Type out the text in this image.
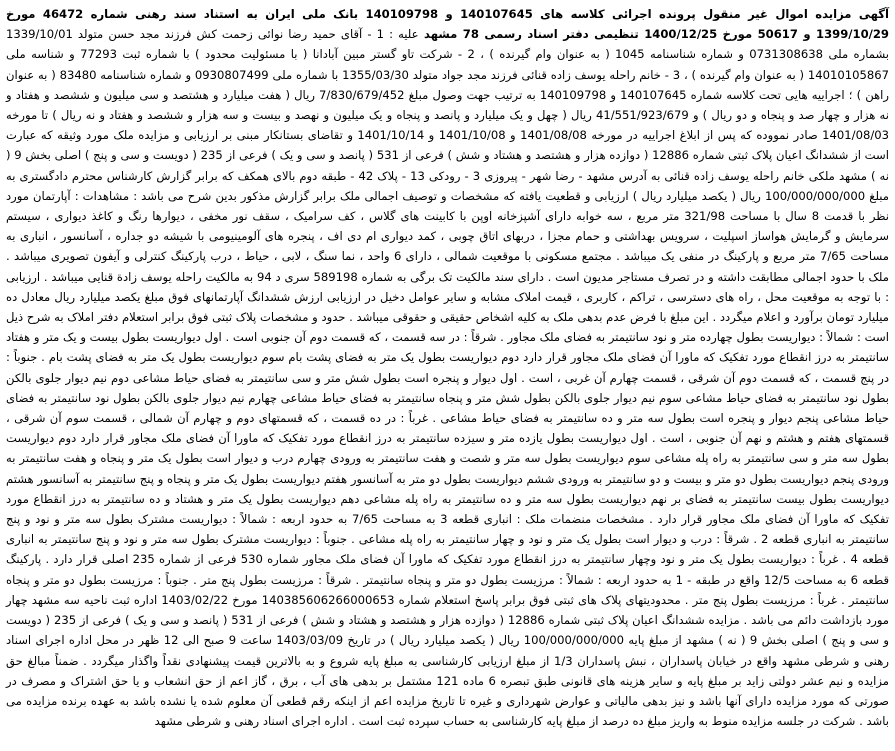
آگهی مزایده اموال غیر منقول پرونده اجرائی کلاسه های 140107645 و 140109798 بانک ملی ایران به استناد سند رهنی شماره 46472 مورخ 1399/10/29 و 50617 مورخ 1400/12/25 تنظیمی دفتر اسناد رسمی 78 مشهد علیه : 1 - آقای حمید رضا نوائی زحمت کش فرزند مجد حسن متولد 1339/10/01 بشماره ملی 0731308638 و شماره شناسنامه 1045 ( به عنوان وام گیرنده ) ، 2 - شرکت تاو گستر مبین آبادانا ( با مسئولیت محدود ) با شماره ثبت 77293 و شناسه ملی 14010105867 ( به عنوان وام گیرنده ) ، 3 - خانم راحله یوسف زاده قنائی فرزند مجد جواد متولد 1355/03/30 با شماره ملی 0930807499 و شماره شناسنامه 83480 ( به عنوان راهن ) ؛ اجراییه هایی تحت کلاسه شماره 140107645 و 140109798 به ترتیب جهت وصول مبلغ 7/830/679/452 ریال ( هفت میلیارد و هشتصد و سی میلیون و ششصد و هفتاد و نه هزار و چهار صد و پنجاه و دو ریال ) و 41/551/923/679 ریال ( چهل و یک میلیارد و پانصد و پنجاه و یک میلیون و نهصد و بیست و سه هزار و ششصد و هفتاد و نه ریال ) تا مورخه 1401/08/03 صادر نمووده که پس از ابلاغ اجراییه در مورخه 1401/08/08 و 1401/10/08 و 1401/10/14 و تقاضای بستانکار مبنی بر ارزیابی و مزایده ملک مورد وثیقه که عبارت است از ششدانگ اعیان پلاک ثبتی شماره 12886 ( دوازده هزار و هشتصد و هشتاد و شش ) فرعی از 531 ( پانصد و سی و یک ) فرعی از 235 ( دویست و سی و پنج ) اصلی بخش 9 ( نه ) مشهد ملکی خانم راحله یوسف زاده قنائی به آدرس مشهد - رضا شهر - پیروزی 3 - رودکی 13 - پلاک 42 - طبقه دوم بالای همکف که برابر گزارش کارشناس محترم دادگستری به مبلغ 100/000/000/000 ریال ( یکصد میلیارد ریال ) ارزیابی و قطعیت یافته که مشخصات و توصیف اجمالی ملک برابر گزارش مذکور بدین شرح می باشد : مشاهدات : آپارتمان مورد نظر با قدمت 8 سال با مساحت 321/98 متر مربع ، سه خوابه دارای آشپزخانه اوپن با کابینت های گلاس ، کف سرامیک ، سقف نور مخفی ، دیوارها رنگ و کاغذ دیواری ، سیستم سرمایش و گرمایش هواساز اسپلیت ، سرویس بهداشتی و حمام مجزا ، دربهای اتاق چوبی ، کمد دیواری ام دی اف ، پنجره های آلومینیومی با شیشه دو جداره ، آسانسور ، انباری به مساحت 7/65 متر مربع و پارکینگ در منفی یک میباشد . مجتمع مسکونی با موقعیت شمالی ، دارای 6 واحد ، نما سنگ ، لابی ، حیاط ، درب پارکینگ کنترلی و آیفون تصویری میباشد . ملک با حدود اجمالی مطابقت داشته و در تصرف مستاجر مدیون است . دارای سند مالکیت تک برگی به شماره 589198 سری د 94 به مالکیت راحله یوسف زادة قنایی میباشد . ارزیابی : با توجه به موقعیت محل ، راه های دسترسی ، تراکم ، کاربری ، قیمت املاک مشابه و سایر عوامل دخیل در ارزیابی ارزش ششدانگ آپارتمانهای فوق مبلغ یکصد میلیارد ریال معادل ده میلیارد تومان برآورد و اعلام میگردد . این مبلغ با فرض عدم بدهی ملک به کلیه اشخاص حقیقی و حقوقی میباشد . حدود و مشخصات پلاک ثبتی فوق برابر استعلام دفتر املاک به شرح ذیل است : شمالاً : دیواریست بطول چهارده متر و نود سانتیمتر به فضای ملک مجاور . شرقاً : در سه قسمت ، که قسمت دوم آن جنوبی است . اول دیواریست بطول بیست و یک متر و هفتاد سانتیمتر به درز انقطاع مورد تفکیک که ماورا آن فضای ملک مجاور قرار دارد دوم دیواریست بطول یک متر به فضای پشت بام سوم دیواریست بطول یک متر به فضای پشت بام . جنوباً : در پنج قسمت ، که قسمت دوم آن شرقی ، قسمت چهارم آن غربی ، است . اول دیوار و پنجره است بطول شش متر و سی سانتیمتر به فضای حیاط مشاعی دوم نیم دیوار جلوی بالکن بطول نود سانتیمتر به فضای حیاط مشاعی سوم نیم دیوار جلوی بالکن بطول شش متر و پنجاه سانتیمتر به فضای حیاط مشاعی چهارم نیم دیوار جلوی بالکن بطول نود سانتیمتر به فضای حیاط مشاعی پنجم دیوار و پنجره است بطول سه متر و ده سانتیمتر به فضای حیاط مشاعی . غرباً : در ده قسمت ، که قسمتهای دوم و چهارم آن شمالی ، قسمت سوم آن شرقی ، قسمتهای هفتم و هشتم و نهم آن جنوبی ، است . اول دیواریست بطول یازده متر و سیزده سانتیمتر به درز انقطاع مورد تفکیک که ماورا آن فضای ملک مجاور قرار دارد دوم دیواریست بطول سه متر و سی سانتیمتر به راه پله مشاعی سوم دیواریست بطول سه متر و شصت و هفت سانتیمتر به ورودی چهارم درب و دیوار است بطول یک متر و پنجاه و هفت سانتیمتر به ورودی پنجم دیواریست بطول دو متر و بیست و دو سانتیمتر به ورودی ششم دیواریست بطول دو متر به آسانسور هفتم دیواریست بطول یک متر و پنجاه و پنج سانتیمتر به آسانسور هشتم دیواریست بطول بیست سانتیمتر به فضای بر نهم دیواریست بطول سه متر و ده سانتیمتر به راه پله مشاعی دهم دیواریست بطول یک متر و هشتاد و ده سانتیمتر به درز انقطاع مورد تفکیک که ماورا آن فضای ملک مجاور قرار دارد . مشخصات منضمات ملک : انباری قطعه 3 به مساحت 7/65 به حدود اربعه : شمالاً : دیواریست مشترک بطول سه متر و نود و پنج سانتیمتر به انباری قطعه 2 . شرقاً : درب و دیوار است بطول یک متر و نود و چهار سانتیمتر به راه پله مشاعی . جنوباً : دیواریست مشترک بطول سه متر و نود و پنج سانتیمتر به انباری قطعه 4 . غرباً : دیواریست بطول یک متر و نود وچهار سانتیمتر به درز انقطاع مورد تفکیک که ماورا آن فضای ملک مجاور شماره 530 فرعی از شماره 235 اصلی قرار دارد . پارکینگ قطعه 6 به مساحت 12/5 واقع در طبقه - 1 به حدود اربعه : شمالاً : مرزیست بطول دو متر و پنجاه سانتیمتر . شرقاً : مرزیست بطول پنج متر . جنوباً : مرزیست بطول دو متر و پنجاه سانتیمتر . غرباً : مرزیست بطول پنج متر . محدودیتهای پلاک های ثبتی فوق برابر پاسخ استعلام شماره 140385606266000653 مورخ 1403/02/22 اداره ثبت ناحیه سه مشهد چهار مورد بازداشت دائم می باشد . مزایده ششدانگ اعیان پلاک ثبتی شماره 12886 ( دوازده هزار و هشتصد و هشتاد و شش ) فرعی از 531 ( پانصد و سی و یک ) فرعی از 235 ( دویست و سی و پنج ) اصلی بخش 9 ( نه ) مشهد از مبلغ پایه 100/000/000/000 ریال ( یکصد میلیارد ریال ) در تاریخ 1403/03/09 ساعت 9 صبح الی 12 ظهر در محل اداره اجرای اسناد رهنی و شرطی مشهد واقع در خیابان پاسداران ، نبش پاسداران 1/3 از مبلغ ارزیابی کارشناسی به مبلغ پایه شروع و به بالاترین قیمت پیشنهادی نقداً واگذار میگردد . ضمناً مبالغ حق مزایده و نیم عشر دولتی زاید بر مبلغ پایه و سایر هزینه های قانونی طبق تبصره 6 ماده 121 مشتمل بر بدهی های آب ، برق ، گاز اعم از حق انشعاب و یا حق اشتراک و مصرف در صورتی که مورد مزایده دارای آنها باشد و نیز بدهی مالیاتی و عوارض شهرداری و غیره تا تاریخ مزایده اعم از اینکه رقم قطعی آن معلوم شده یا نشده باشد به عهده برنده مزایده می باشد . شرکت در جلسه مزایده منوط به واریز مبلغ ده درصد از مبلغ پایه کارشناسی به حساب سپرده ثبت است . اداره اجرای اسناد رهنی و شرطی مشهد
